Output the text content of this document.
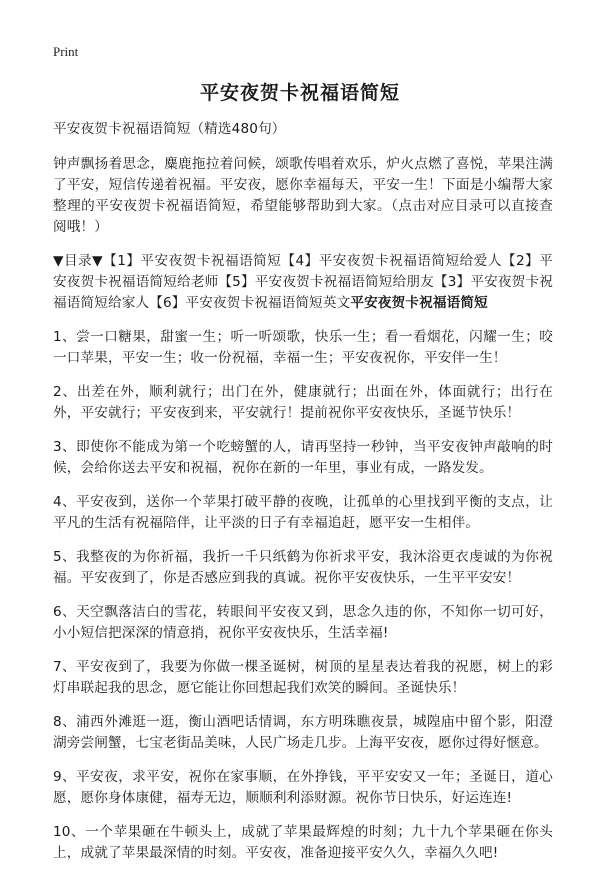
Print
平安夜贺卡祝福语简短

平安夜贺卡祝福语简短（精选480句）

钟声飘扬着思念，麋鹿拖拉着问候，颂歌传唱着欢乐，炉火点燃了喜悦，苹果注满了平安，短信传递着祝福。平安夜，愿你幸福每天，平安一生！下面是小编帮大家整理的平安夜贺卡祝福语简短，希望能够帮助到大家。（点击对应目录可以直接查阅哦！）

▼目录▼【1】平安夜贺卡祝福语简短【4】平安夜贺卡祝福语简短给爱人【2】平安夜贺卡祝福语简短给老师【5】平安夜贺卡祝福语简短给朋友【3】平安夜贺卡祝福语简短给家人【6】平安夜贺卡祝福语简短英文平安夜贺卡祝福语简短

1、尝一口糖果，甜蜜一生；听一听颂歌，快乐一生；看一看烟花，闪耀一生；咬一口苹果，平安一生；收一份祝福，幸福一生；平安夜祝你，平安伴一生！

2、出差在外，顺利就行；出门在外，健康就行；出面在外，体面就行；出行在外，平安就行；平安夜到来，平安就行！提前祝你平安夜快乐，圣诞节快乐！

3、即使你不能成为第一个吃螃蟹的人，请再坚持一秒钟，当平安夜钟声敲响的时候，会给你送去平安和祝福，祝你在新的一年里，事业有成，一路发发。

4、平安夜到，送你一个苹果打破平静的夜晚，让孤单的心里找到平衡的支点，让平凡的生活有祝福陪伴，让平淡的日子有幸福追赶，愿平安一生相伴。

5、我整夜的为你祈福，我折一千只纸鹤为你祈求平安，我沐浴更衣虔诚的为你祝福。平安夜到了，你是否感应到我的真诚。祝你平安夜快乐，一生平平安安！

6、天空飘落洁白的雪花，转眼间平安夜又到，思念久违的你，不知你一切可好，小小短信把深深的情意捎，祝你平安夜快乐，生活幸福!

7、平安夜到了，我要为你做一棵圣诞树，树顶的星星表达着我的祝愿，树上的彩灯串联起我的思念，愿它能让你回想起我们欢笑的瞬间。圣诞快乐！

8、浦西外滩逛一逛，衡山酒吧话情调，东方明珠瞧夜景，城隍庙中留个影，阳澄湖旁尝闸蟹，七宝老街品美味，人民广场走几步。上海平安夜，愿你过得好惬意。

9、平安夜，求平安，祝你在家事顺，在外挣钱，平平安安又一年；圣诞日，道心愿，愿你身体康健，福寿无边，顺顺利利添财源。祝你节日快乐，好运连连!

10、一个苹果砸在牛顿头上，成就了苹果最辉煌的时刻；九十九个苹果砸在你头上，成就了苹果最深情的时刻。平安夜，准备迎接平安久久，幸福久久吧!
